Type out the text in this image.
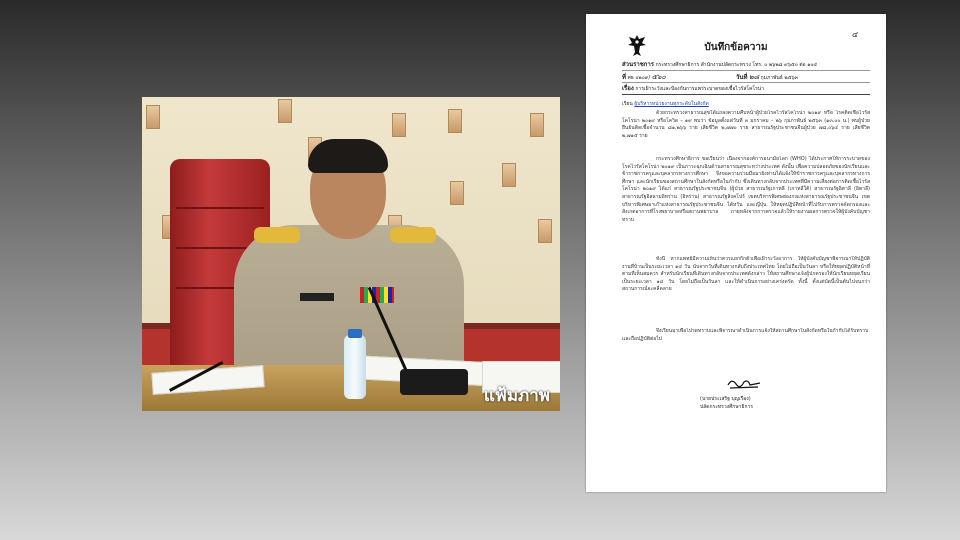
แฟ้มภาพ
๔
บันทึกข้อความ
ส่วนราชการ กระทรวงศึกษาธิการ สำนักงานปลัดกระทรวง โทร. ๐ ๒๖๒๘ ๙๖๕๐ ต่อ ๑๐๔
ที่ ศธ ๐๒๐๙/ ๕๖๐	วันที่ ๒๘ กุมภาพันธ์ ๒๕๖๓
เรื่อง การเฝ้าระวังและป้องกันการแพร่ระบาดของเชื้อไวรัสโคโรน่า
เรียน ผู้บริหารหน่วยงานทุกระดับในสังกัด
ด้วยกระทรวงสาธารณสุขได้แถลงความคืบหน้าผู้ป่วยโรคไวรัสโคโรน่า ๒๐๑๙ หรือ โรคติดเชื้อไวรัสโคโรน่า ๒๐๑๙ หรือโควิด – ๑๙ พบว่า ข้อมูลตั้งแต่วันที่ ๓ มกราคม – ๒๖ กุมภาพันธ์ ๒๕๖๓ (๑๓.๐๐ น.) พบผู้ป่วยยืนยันติดเชื้อจำนวน ๘๑,๒๖๖ ราย เสียชีวิต ๒,๗๗๐ ราย สาธารณรัฐประชาชนจีนผู้ป่วย ๗๘,๐๖๔ ราย เสียชีวิต ๒,๗๑๕ ราย
กระทรวงศึกษาธิการ ขอเรียนว่า เนื่องจากองค์การอนามัยโลก (WHO) ได้ประกาศให้การระบาดของโรคไวรัสโคโรน่า ๒๐๑๙ เป็นภาวะฉุกเฉินด้านสาธารณสุขระหว่างประเทศ ดังนั้น เพื่อความปลอดภัยของนักเรียนและข้าราชการครูและบุคลากรทางการศึกษา จึงขอความร่วมมือมายังท่านได้แจ้งให้ข้าราชการครูและบุคลากรทางการศึกษา และนักเรียนของสถานศึกษาในสังกัดหรือในกำกับ ซึ่งเดินทางกลับจากประเทศที่มีความเสี่ยงต่อการติดเชื้อไวรัสโคโรน่า ๒๐๑๙ ได้แก่ สาธารณรัฐประชาชนจีน (ผู้ป่วย สาธารณรัฐเกาหลี (เกาหลีใต้) สาธารณรัฐอิตาลี (อิตาลี) สาธารณรัฐอิสลามอิหร่าน (อิหร่าน) สาธารณรัฐสิงคโปร์ เขตบริหารพิเศษฮ่องกงแห่งสาธารณรัฐประชาชนจีน เขตบริหารพิเศษมาเก๊าแห่งสาธารณรัฐประชาชนจีน ไต้หวัน และญี่ปุ่น ให้หยุดปฏิบัติหน้าที่ไปรับการตรวจคัดกรองและสังเกตอาการที่โรงพยาบาลหรือสถานพยาบาล ภายหลังจากการตรวจแล้วให้รายงานผลการตรวจให้ผู้บังคับบัญชาทราบ
ทั้งนี้ หากแพทย์มีความเห็นว่าควรแยกกักตัวเพื่อเฝ้าระวังอาการ ให้ผู้บังคับบัญชาพิจารณาให้ปฏิบัติงานที่บ้านเป็นระยะเวลา ๑๔ วัน นับจากวันที่เดินทางกลับถึงประเทศไทย โดยไม่ถือเป็นวันลา หรือให้หยุดปฏิบัติหน้าที่ตามที่เห็นสมควร สำหรับนักเรียนที่เดินทางกลับจากประเทศดังกล่าว ให้สถานศึกษาแจ้งผู้ปกครองให้นักเรียนหยุดเรียนเป็นระยะเวลา ๑๔ วัน โดยไม่ถือเป็นวันลา และให้ดำเนินการอย่างเคร่งครัด ทั้งนี้ ตั้งแต่บัดนี้เป็นต้นไปจนกว่าสถานการณ์จะคลี่คลาย
จึงเรียนมาเพื่อโปรดทราบและพิจารณาดำเนินการแจ้งให้สถานศึกษาในสังกัดหรือในกำกับได้รับทราบและถือปฏิบัติต่อไป
(นายประเสริฐ บุญเรือง)
ปลัดกระทรวงศึกษาธิการ
